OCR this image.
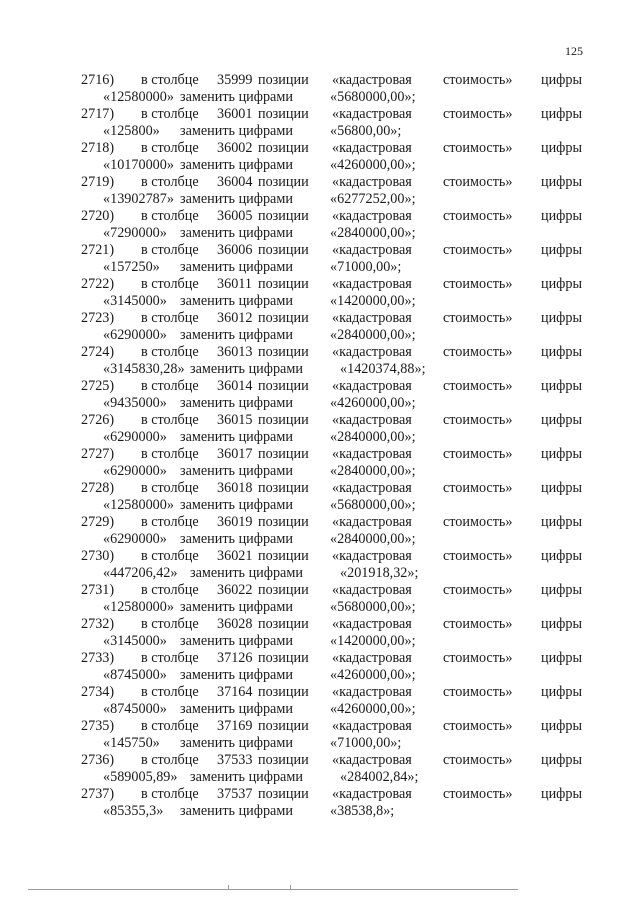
125
2716) в столбце 35999 позиции «кадастровая стоимость» цифры
«12580000» заменить цифрами	«5680000,00»;
2717) в столбце 36001 позиции «кадастровая стоимость» цифры
«125800» заменить цифрами	«56800,00»;
2718) в столбце 36002 позиции «кадастровая стоимость» цифры
«10170000» заменить цифрами	«4260000,00»;
2719) в столбце 36004 позиции «кадастровая стоимость» цифры
«13902787» заменить цифрами	«6277252,00»;
2720) в столбце 36005 позиции «кадастровая стоимость» цифры
«7290000» заменить цифрами	«2840000,00»;
2721) в столбце 36006 позиции «кадастровая стоимость» цифры
«157250» заменить цифрами	«71000,00»;
2722) в столбце 36011 позиции «кадастровая стоимость» цифры
«3145000» заменить цифрами	«1420000,00»;
2723) в столбце 36012 позиции «кадастровая стоимость» цифры
«6290000» заменить цифрами	«2840000,00»;
2724) в столбце 36013 позиции «кадастровая стоимость» цифры
«3145830,28» заменить цифрами	«1420374,88»;
2725) в столбце 36014 позиции «кадастровая стоимость» цифры
«9435000» заменить цифрами	«4260000,00»;
2726) в столбце 36015 позиции «кадастровая стоимость» цифры
«6290000» заменить цифрами	«2840000,00»;
2727) в столбце 36017 позиции «кадастровая стоимость» цифры
«6290000» заменить цифрами	«2840000,00»;
2728) в столбце 36018 позиции «кадастровая стоимость» цифры
«12580000» заменить цифрами	«5680000,00»;
2729) в столбце 36019 позиции «кадастровая стоимость» цифры
«6290000» заменить цифрами	«2840000,00»;
2730) в столбце 36021 позиции «кадастровая стоимость» цифры
«447206,42» заменить цифрами	«201918,32»;
2731) в столбце 36022 позиции «кадастровая стоимость» цифры
«12580000» заменить цифрами	«5680000,00»;
2732) в столбце 36028 позиции «кадастровая стоимость» цифры
«3145000» заменить цифрами	«1420000,00»;
2733) в столбце 37126 позиции «кадастровая стоимость» цифры
«8745000» заменить цифрами	«4260000,00»;
2734) в столбце 37164 позиции «кадастровая стоимость» цифры
«8745000» заменить цифрами	«4260000,00»;
2735) в столбце 37169 позиции «кадастровая стоимость» цифры
«145750» заменить цифрами	«71000,00»;
2736) в столбце 37533 позиции «кадастровая стоимость» цифры
«589005,89» заменить цифрами	«284002,84»;
2737) в столбце 37537 позиции «кадастровая стоимость» цифры
«85355,3» заменить цифрами	«38538,8»;
